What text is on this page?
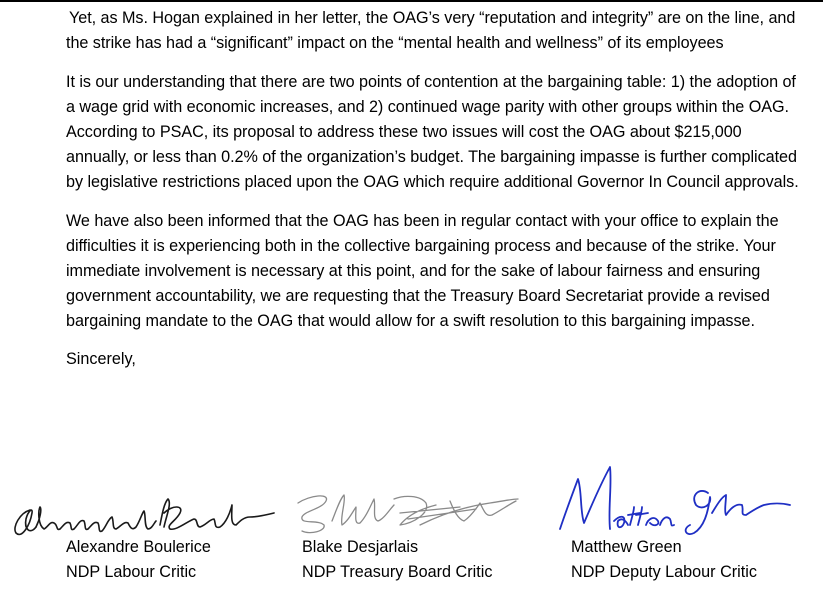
Yet, as Ms. Hogan explained in her letter, the OAG’s very “reputation and integrity” are on the line, and the strike has had a “significant” impact on the “mental health and wellness” of its employees

It is our understanding that there are two points of contention at the bargaining table: 1) the adoption of a wage grid with economic increases, and 2) continued wage parity with other groups within the OAG. According to PSAC, its proposal to address these two issues will cost the OAG about $215,000 annually, or less than 0.2% of the organization’s budget. The bargaining impasse is further complicated by legislative restrictions placed upon the OAG which require additional Governor In Council approvals.

We have also been informed that the OAG has been in regular contact with your office to explain the difficulties it is experiencing both in the collective bargaining process and because of the strike. Your immediate involvement is necessary at this point, and for the sake of labour fairness and ensuring government accountability, we are requesting that the Treasury Board Secretariat provide a revised bargaining mandate to the OAG that would allow for a swift resolution to this bargaining impasse.

Sincerely,
Alexandre Boulerice
NDP Labour Critic
Blake Desjarlais
NDP Treasury Board Critic
Matthew Green
NDP Deputy Labour Critic
